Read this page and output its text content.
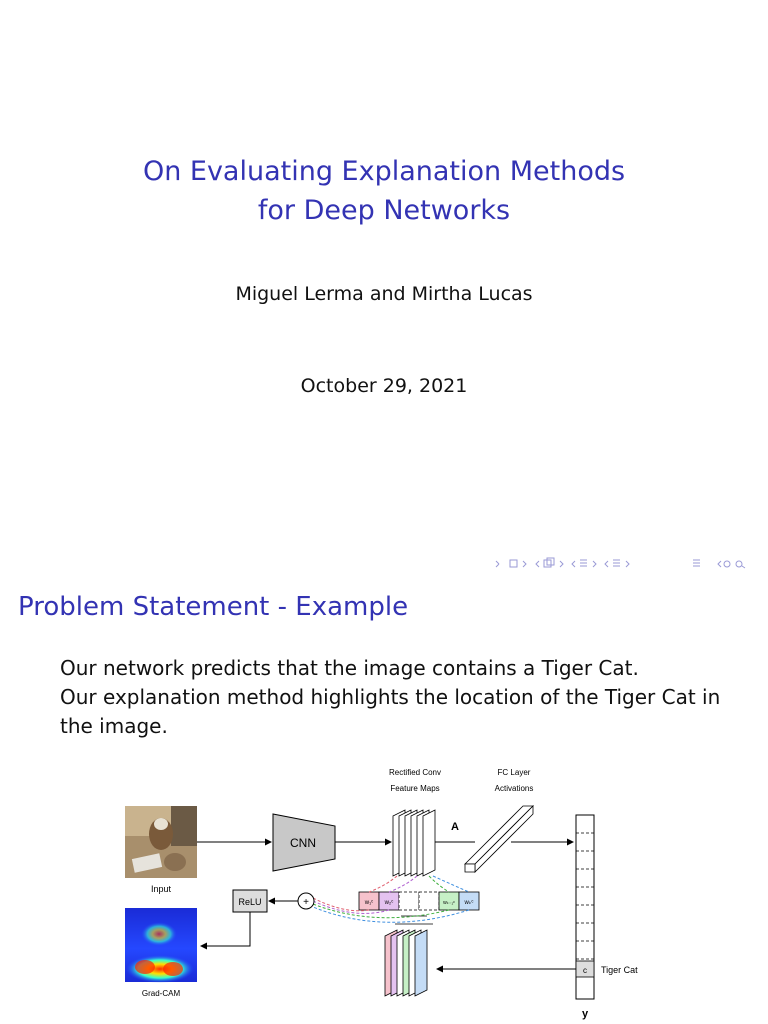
On Evaluating Explanation Methods
for Deep Networks
Miguel Lerma and Mirtha Lucas
October 29, 2021
Problem Statement - Example
Our network predicts that the image contains a Tiger Cat.
Our explanation method highlights the location of the Tiger Cat in
the image.
Input
CNN
Rectified Conv
Feature Maps
FC Layer
Activations
A
c Tiger Cat
y
w₁ᶜ w₂ᶜ	wₖ₋₁ᶜ wₖᶜ
+
ReLU
Grad-CAM
